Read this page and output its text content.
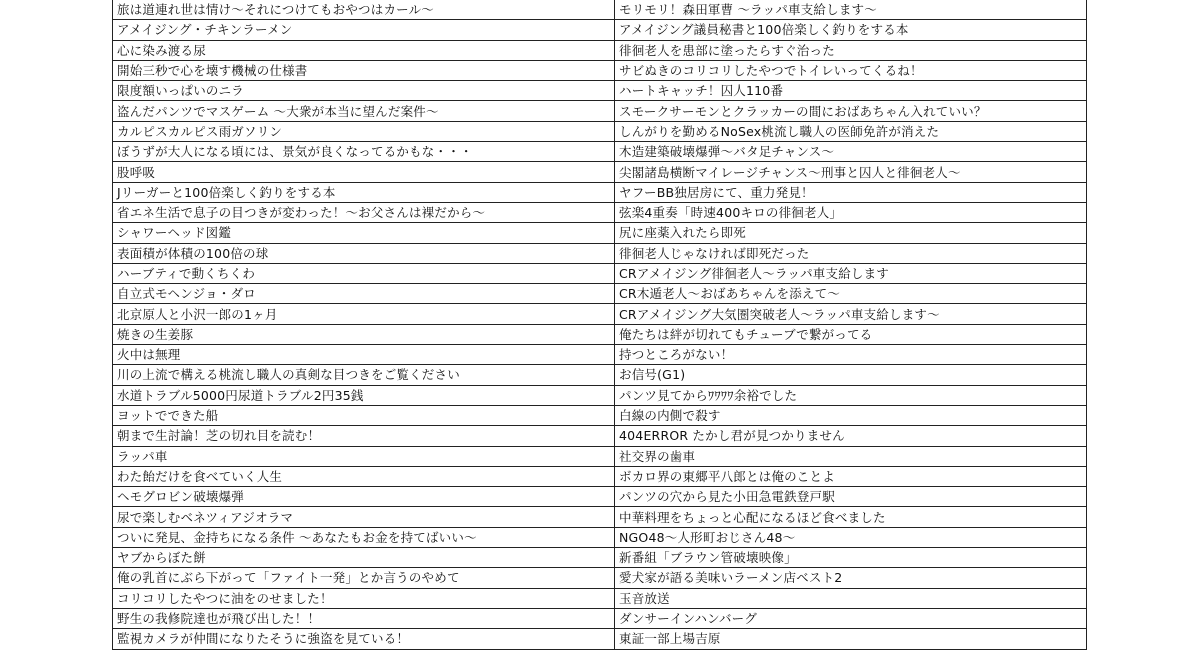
旅は道連れ世は情け～それにつけてもおやつはカール～	モリモリ！森田軍曹 ～ラッパ車支給します～
アメイジング・チキンラーメン	アメイジング議員秘書と100倍楽しく釣りをする本
心に染み渡る尿	徘徊老人を患部に塗ったらすぐ治った
開始三秒で心を壊す機械の仕様書	サビぬきのコリコリしたやつでトイレいってくるね！
限度額いっぱいのニラ	ハートキャッチ！囚人110番
盗んだパンツでマスゲーム ～大衆が本当に望んだ案件～	スモークサーモンとクラッカーの間におばあちゃん入れていい？
カルピスカルピス雨ガソリン	しんがりを勤めるNoSex桃流し職人の医師免許が消えた
ぼうずが大人になる頃には、景気が良くなってるかもな・・・	木造建築破壊爆弾～バタ足チャンス～
股呼吸	尖閣諸島横断マイレージチャンス～刑事と囚人と徘徊老人～
Jリーガーと100倍楽しく釣りをする本	ヤフーBB独居房にて、重力発見！
省エネ生活で息子の目つきが変わった！～お父さんは裸だから～	弦楽4重奏「時速400キロの徘徊老人」
シャワーヘッド図鑑	尻に座薬入れたら即死
表面積が体積の100倍の球	徘徊老人じゃなければ即死だった
ハーブティで動くちくわ	CRアメイジング徘徊老人～ラッパ車支給します
自立式モヘンジョ・ダロ	CR木遁老人～おばあちゃんを添えて～
北京原人と小沢一郎の1ヶ月	CRアメイジング大気圏突破老人～ラッパ車支給します～
焼きの生姜豚	俺たちは絆が切れてもチューブで繋がってる
火中は無理	持つところがない！
川の上流で構える桃流し職人の真剣な目つきをご覧ください	お信号(G1)
水道トラブル5000円尿道トラブル2円35銭	パンツ見てからﾜﾜﾜﾜ余裕でした
ヨットでできた船	白線の内側で殺す
朝まで生討論！芝の切れ目を読む！	404ERROR たかし君が見つかりません
ラッパ車	社交界の歯車
わた飴だけを食べていく人生	ボカロ界の東郷平八郎とは俺のことよ
ヘモグロビン破壊爆弾	パンツの穴から見た小田急電鉄登戸駅
尿で楽しむベネツィアジオラマ	中華料理をちょっと心配になるほど食べました
ついに発見、金持ちになる条件 ～あなたもお金を持てばいい～	NGO48～人形町おじさん48～
ヤブからぼた餅	新番組「ブラウン管破壊映像」
俺の乳首にぶら下がって「ファイト一発」とか言うのやめて	愛犬家が語る美味いラーメン店ベスト2
コリコリしたやつに油をのせました！	玉音放送
野生の我修院達也が飛び出した！！	ダンサーインハンバーグ
監視カメラが仲間になりたそうに強盗を見ている！	東証一部上場吉原
